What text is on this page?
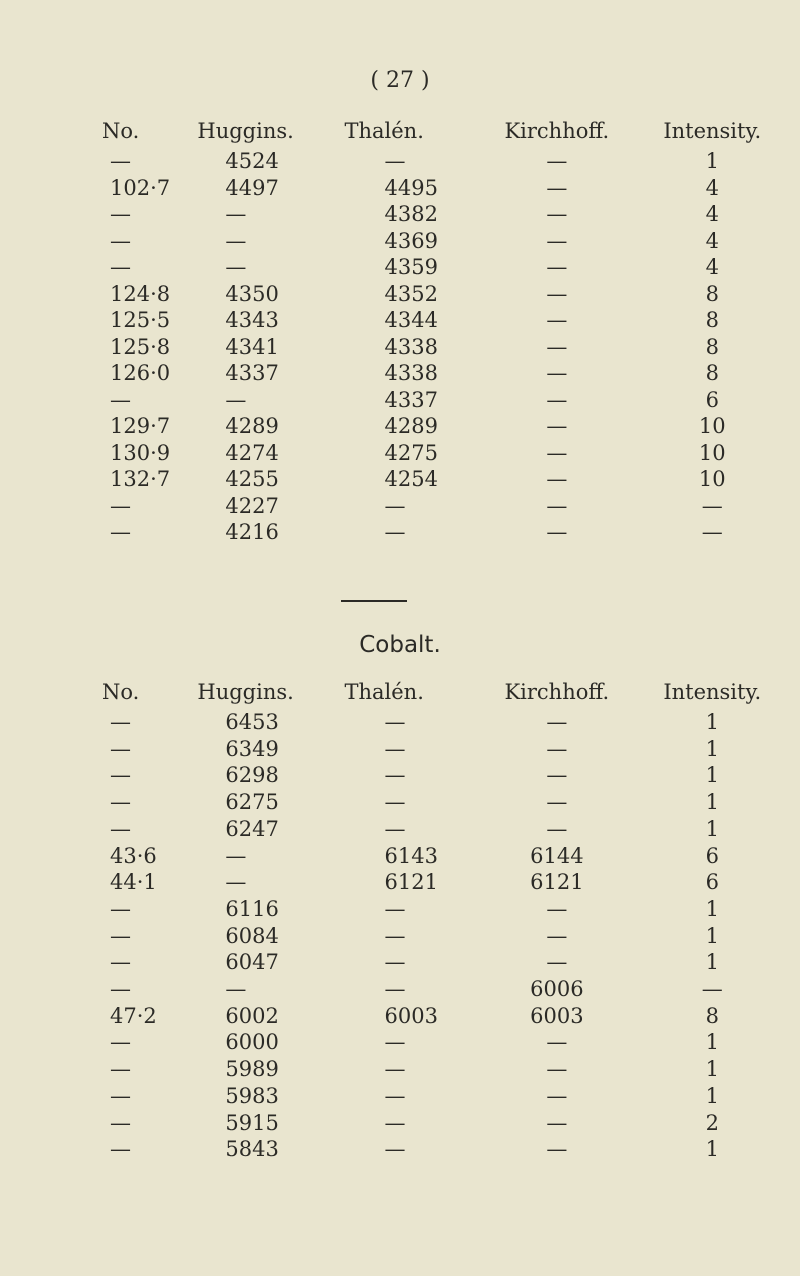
( 27 )
No.	Huggins.	Thalén.	Kirchhoff.	Intensity.
—	4524	—	—	1
102·7	4497	4495	—	4
—	—	4382	—	4
—	—	4369	—	4
—	—	4359	—	4
124·8	4350	4352	—	8
125·5	4343	4344	—	8
125·8	4341	4338	—	8
126·0	4337	4338	—	8
—	—	4337	—	6
129·7	4289	4289	—	10
130·9	4274	4275	—	10
132·7	4255	4254	—	10
—	4227	—	—	—
—	4216	—	—	—
Cobalt.
No.	Huggins.	Thalén.	Kirchhoff.	Intensity.
—	6453	—	—	1
—	6349	—	—	1
—	6298	—	—	1
—	6275	—	—	1
—	6247	—	—	1
43·6	—	6143	6144	6
44·1	—	6121	6121	6
—	6116	—	—	1
—	6084	—	—	1
—	6047	—	—	1
—	—	—	6006	—
47·2	6002	6003	6003	8
—	6000	—	—	1
—	5989	—	—	1
—	5983	—	—	1
—	5915	—	—	2
—	5843	—	—	1
